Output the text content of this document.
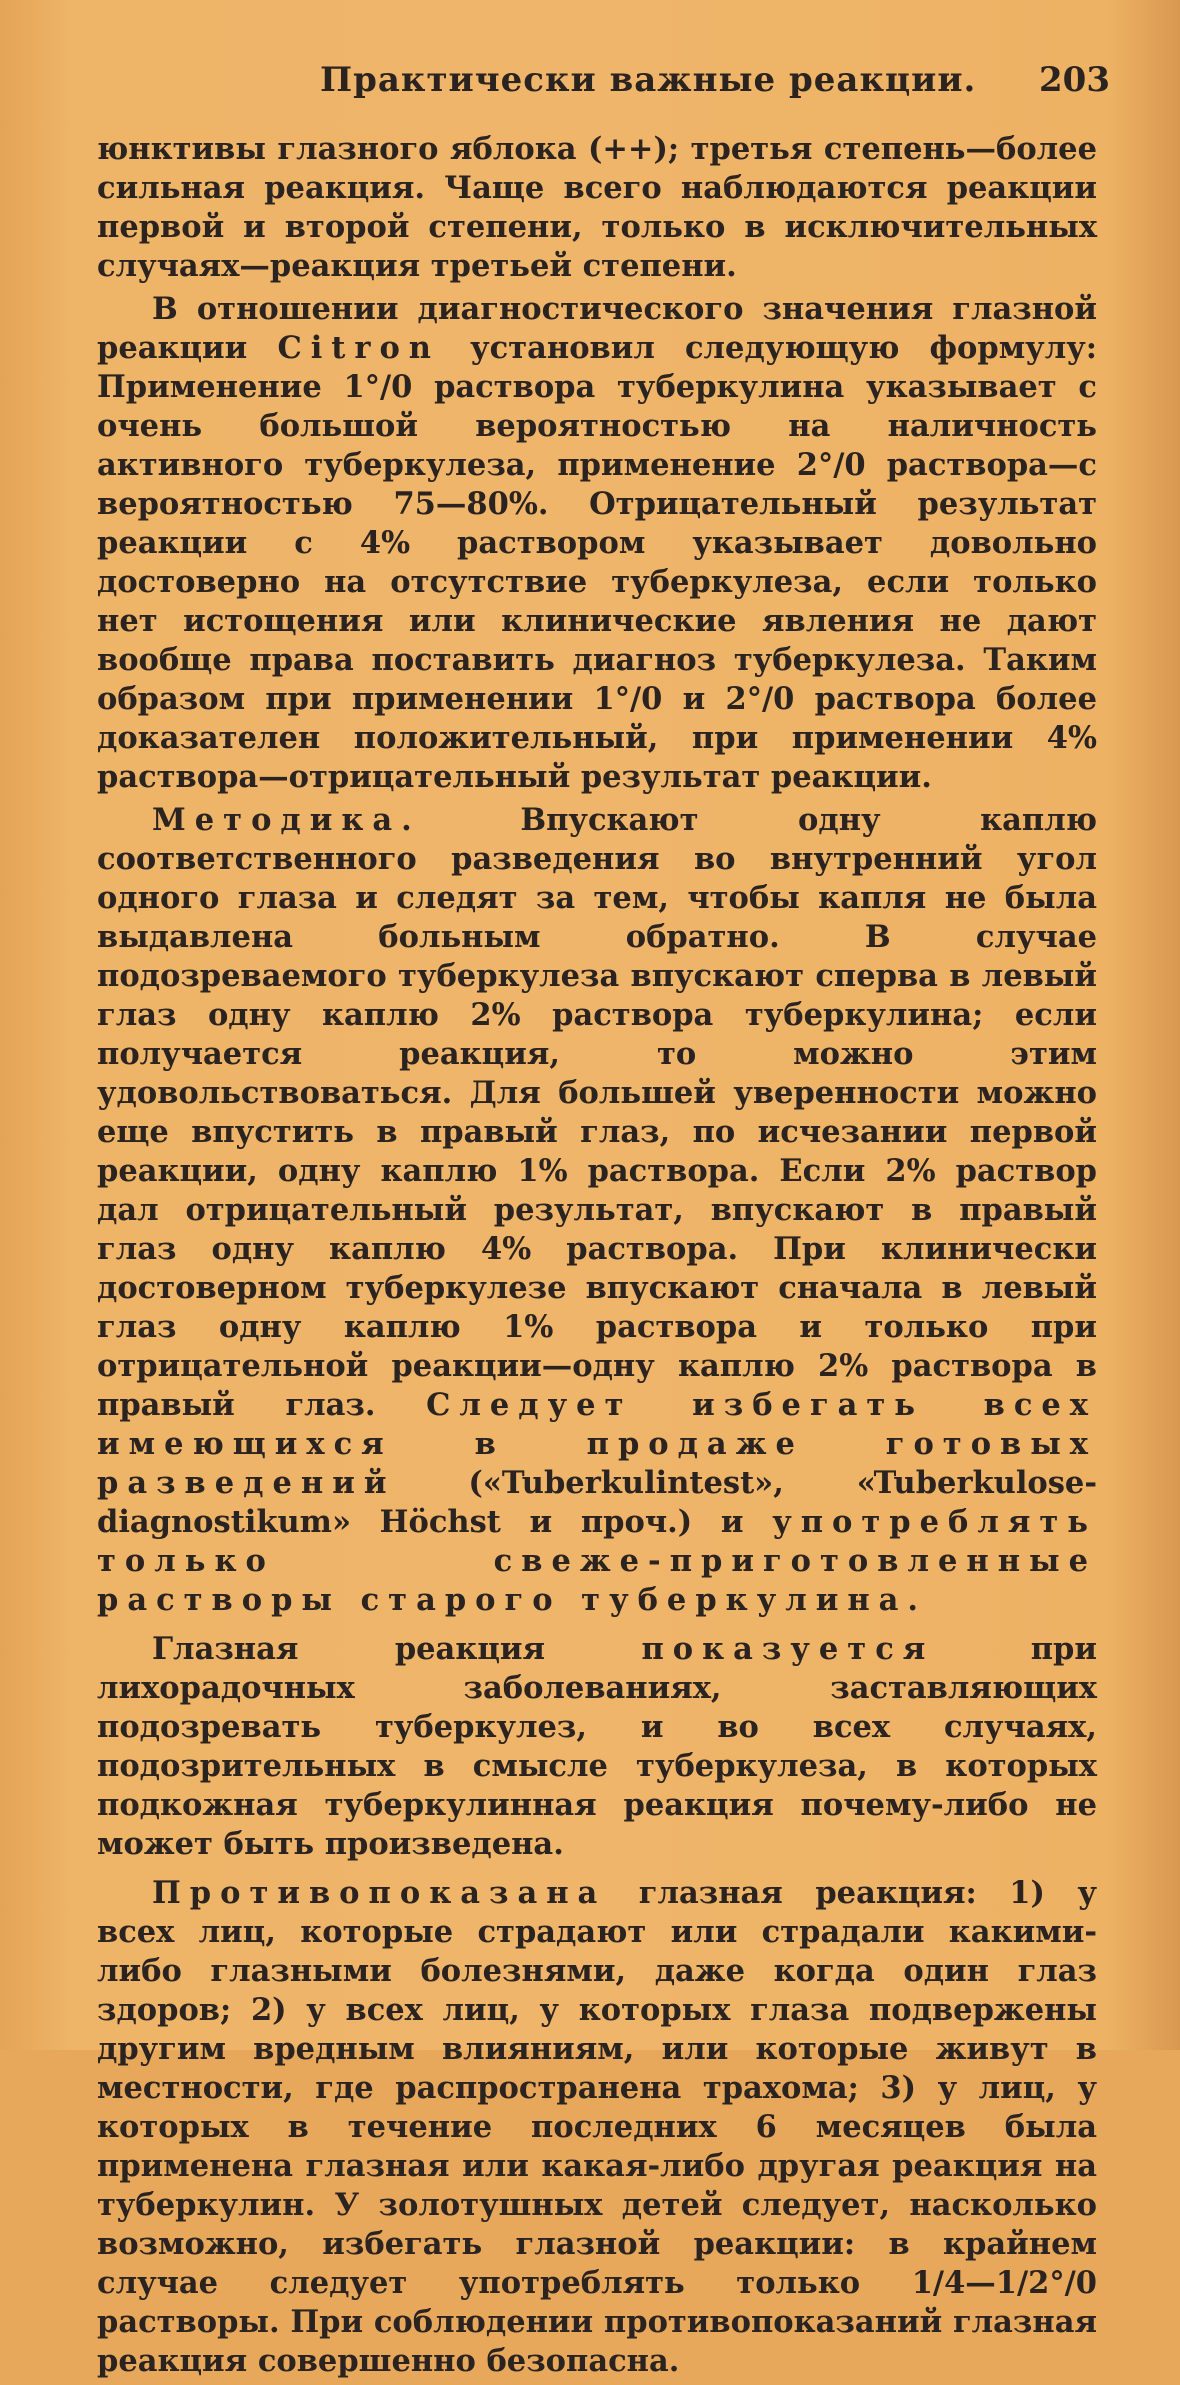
Практически важные реакции. 203

юнктивы глазного яблока (++); третья степень—более сильная реакция. Чаще всего наблюдаются реакции первой и второй степени, только в исключительных случаях—реакция третьей степени.

В отношении диагностического значения глазной реакции Citron установил следующую формулу: Применение 1°/0 раствора туберкулина указывает с очень большой вероятностью на наличность активного туберкулеза, применение 2°/0 раствора—с вероятностью 75—80%. Отрицательный результат реакции с 4% раствором указывает довольно достоверно на отсутствие туберкулеза, если только нет истощения или клинические явления не дают вообще права поставить диагноз туберкулеза. Таким образом при применении 1°/0 и 2°/0 раствора более доказателен положительный, при применении 4% раствора—отрицательный результат реакции.

Методика. Впускают одну каплю соответственного разведения во внутренний угол одного глаза и следят за тем, чтобы капля не была выдавлена больным обратно. В случае подозреваемого туберкулеза впускают сперва в левый глаз одну каплю 2% раствора туберкулина; если получается реакция, то можно этим удовольствоваться. Для большей уверенности можно еще впустить в правый глаз, по исчезании первой реакции, одну каплю 1% раствора. Если 2% раствор дал отрицательный результат, впускают в правый глаз одну каплю 4% раствора. При клинически достоверном туберкулезе впускают сначала в левый глаз одну каплю 1% раствора и только при отрицательной реакции—одну каплю 2% раствора в правый глаз. Следует избегать всех имеющихся в продаже готовых разведений («Tuberkulintest», «Tuberkulose-diagnostikum» Höchst и проч.) и употреблять только свеже-приготовленные растворы старого туберкулина.

Глазная реакция показуется при лихорадочных заболеваниях, заставляющих подозревать туберкулез, и во всех случаях, подозрительных в смысле туберкулеза, в которых подкожная туберкулинная реакция почему-либо не может быть произведена.

Противопоказана глазная реакция: 1) у всех лиц, которые страдают или страдали какими-либо глазными болезнями, даже когда один глаз здоров; 2) у всех лиц, у которых глаза подвержены другим вредным влияниям, или которые живут в местности, где распространена трахома; 3) у лиц, у которых в течение последних 6 месяцев была применена глазная или какая-либо другая реакция на туберкулин. У золотушных детей следует, насколько возможно, избегать глазной реакции: в крайнем случае следует употреблять только 1/4—1/2°/0 растворы. При соблюдении противопоказаний глазная реакция совершенно безопасна.
